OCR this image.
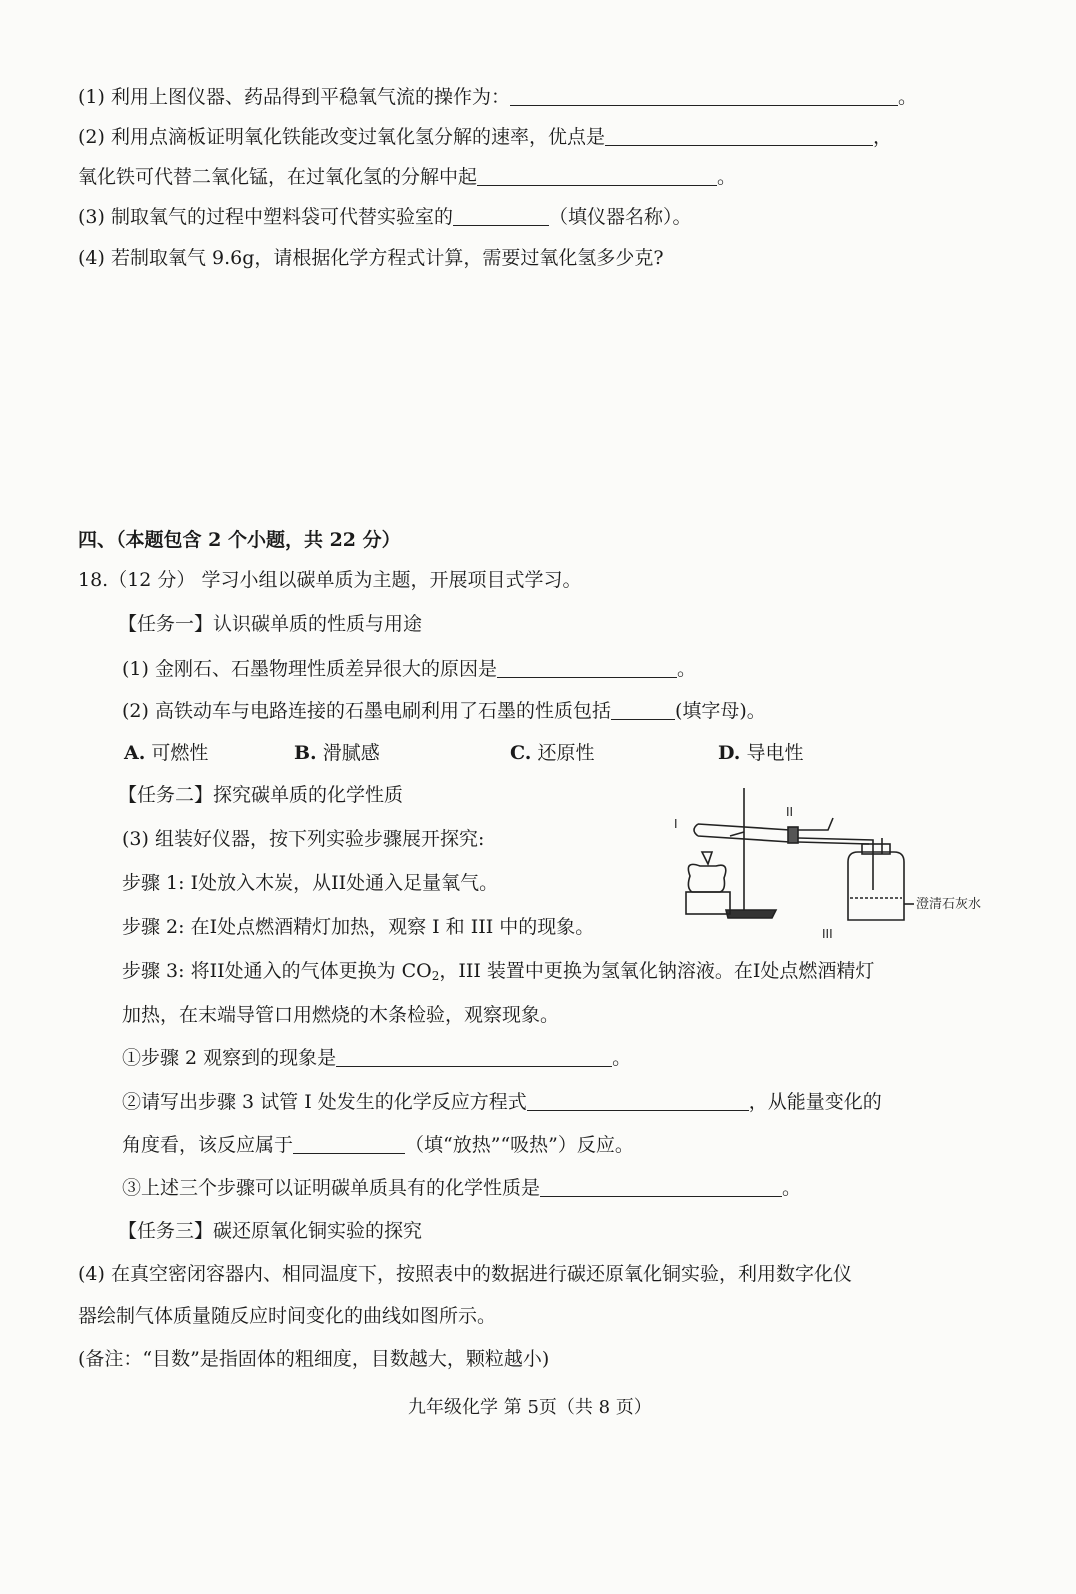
(1) 利用上图仪器、药品得到平稳氧气流的操作为：	。
(2) 利用点滴板证明氧化铁能改变过氧化氢分解的速率，优点是	，
氧化铁可代替二氧化锰，在过氧化氢的分解中起	。
(3) 制取氧气的过程中塑料袋可代替实验室的	（填仪器名称）。
(4) 若制取氧气 9.6g，请根据化学方程式计算，需要过氧化氢多少克?
四、（本题包含 2 个小题，共 22 分）
18.（12 分） 学习小组以碳单质为主题，开展项目式学习。
【任务一】认识碳单质的性质与用途
(1) 金刚石、石墨物理性质差异很大的原因是	。
(2) 高铁动车与电路连接的石墨电刷利用了石墨的性质包括	(填字母)。
A. 可燃性	B. 滑腻感	C. 还原性	D. 导电性
【任务二】探究碳单质的化学性质
(3) 组装好仪器，按下列实验步骤展开探究:
步骤 1: I处放入木炭，从II处通入足量氧气。
步骤 2: 在I处点燃酒精灯加热，观察 I 和 III 中的现象。
步骤 3: 将II处通入的气体更换为 $CO_2$，III 装置中更换为氢氧化钠溶液。在I处点燃酒精灯
加热，在末端导管口用燃烧的木条检验，观察现象。
①步骤 2 观察到的现象是	。
②请写出步骤 3 试管 I 处发生的化学反应方程式	，从能量变化的
角度看，该反应属于	（填“放热”“吸热”）反应。
③上述三个步骤可以证明碳单质具有的化学性质是	。
【任务三】碳还原氧化铜实验的探究
(4) 在真空密闭容器内、相同温度下，按照表中的数据进行碳还原氧化铜实验，利用数字化仪
器绘制气体质量随反应时间变化的曲线如图所示。
(备注：“目数”是指固体的粗细度，目数越大，颗粒越小)
九年级化学 第 5页（共 8 页）
I
II
III
澄清石灰水
